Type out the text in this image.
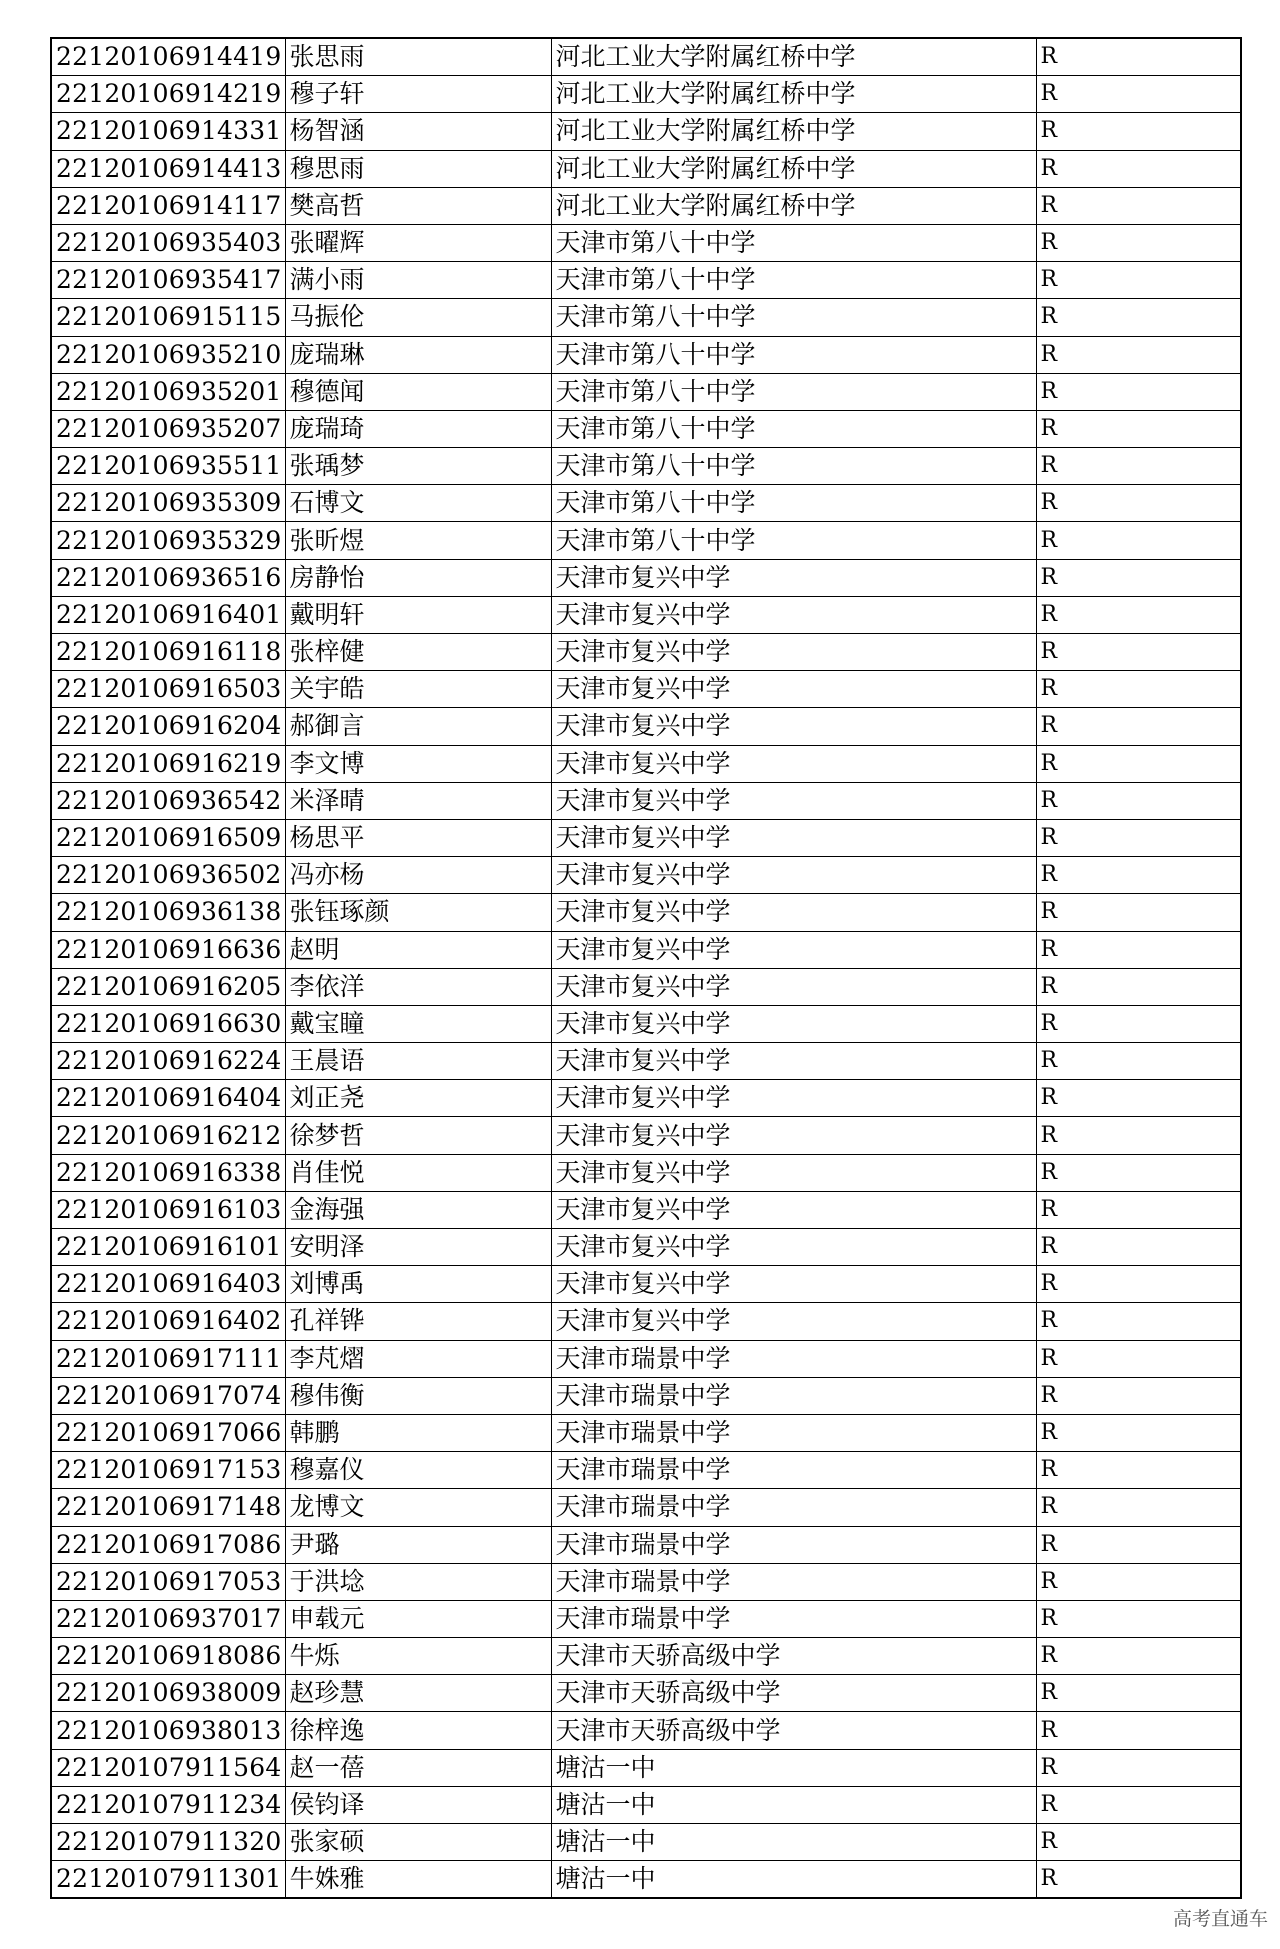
22120106914419	张思雨	河北工业大学附属红桥中学	R
22120106914219	穆子轩	河北工业大学附属红桥中学	R
22120106914331	杨智涵	河北工业大学附属红桥中学	R
22120106914413	穆思雨	河北工业大学附属红桥中学	R
22120106914117	樊高哲	河北工业大学附属红桥中学	R
22120106935403	张曜辉	天津市第八十中学	R
22120106935417	满小雨	天津市第八十中学	R
22120106915115	马振伦	天津市第八十中学	R
22120106935210	庞瑞琳	天津市第八十中学	R
22120106935201	穆德闻	天津市第八十中学	R
22120106935207	庞瑞琦	天津市第八十中学	R
22120106935511	张瑀梦	天津市第八十中学	R
22120106935309	石博文	天津市第八十中学	R
22120106935329	张昕煜	天津市第八十中学	R
22120106936516	房静怡	天津市复兴中学	R
22120106916401	戴明轩	天津市复兴中学	R
22120106916118	张梓健	天津市复兴中学	R
22120106916503	关宇皓	天津市复兴中学	R
22120106916204	郝御言	天津市复兴中学	R
22120106916219	李文博	天津市复兴中学	R
22120106936542	米泽晴	天津市复兴中学	R
22120106916509	杨思平	天津市复兴中学	R
22120106936502	冯亦杨	天津市复兴中学	R
22120106936138	张钰琢颜	天津市复兴中学	R
22120106916636	赵明	天津市复兴中学	R
22120106916205	李依洋	天津市复兴中学	R
22120106916630	戴宝瞳	天津市复兴中学	R
22120106916224	王晨语	天津市复兴中学	R
22120106916404	刘正尧	天津市复兴中学	R
22120106916212	徐梦哲	天津市复兴中学	R
22120106916338	肖佳悦	天津市复兴中学	R
22120106916103	金海强	天津市复兴中学	R
22120106916101	安明泽	天津市复兴中学	R
22120106916403	刘博禹	天津市复兴中学	R
22120106916402	孔祥铧	天津市复兴中学	R
22120106917111	李芃熠	天津市瑞景中学	R
22120106917074	穆伟衡	天津市瑞景中学	R
22120106917066	韩鹏	天津市瑞景中学	R
22120106917153	穆嘉仪	天津市瑞景中学	R
22120106917148	龙博文	天津市瑞景中学	R
22120106917086	尹璐	天津市瑞景中学	R
22120106917053	于洪埝	天津市瑞景中学	R
22120106937017	申载元	天津市瑞景中学	R
22120106918086	牛烁	天津市天骄高级中学	R
22120106938009	赵珍慧	天津市天骄高级中学	R
22120106938013	徐梓逸	天津市天骄高级中学	R
22120107911564	赵一蓓	塘沽一中	R
22120107911234	侯钧译	塘沽一中	R
22120107911320	张家硕	塘沽一中	R
22120107911301	牛姝雅	塘沽一中	R
高考直通车
